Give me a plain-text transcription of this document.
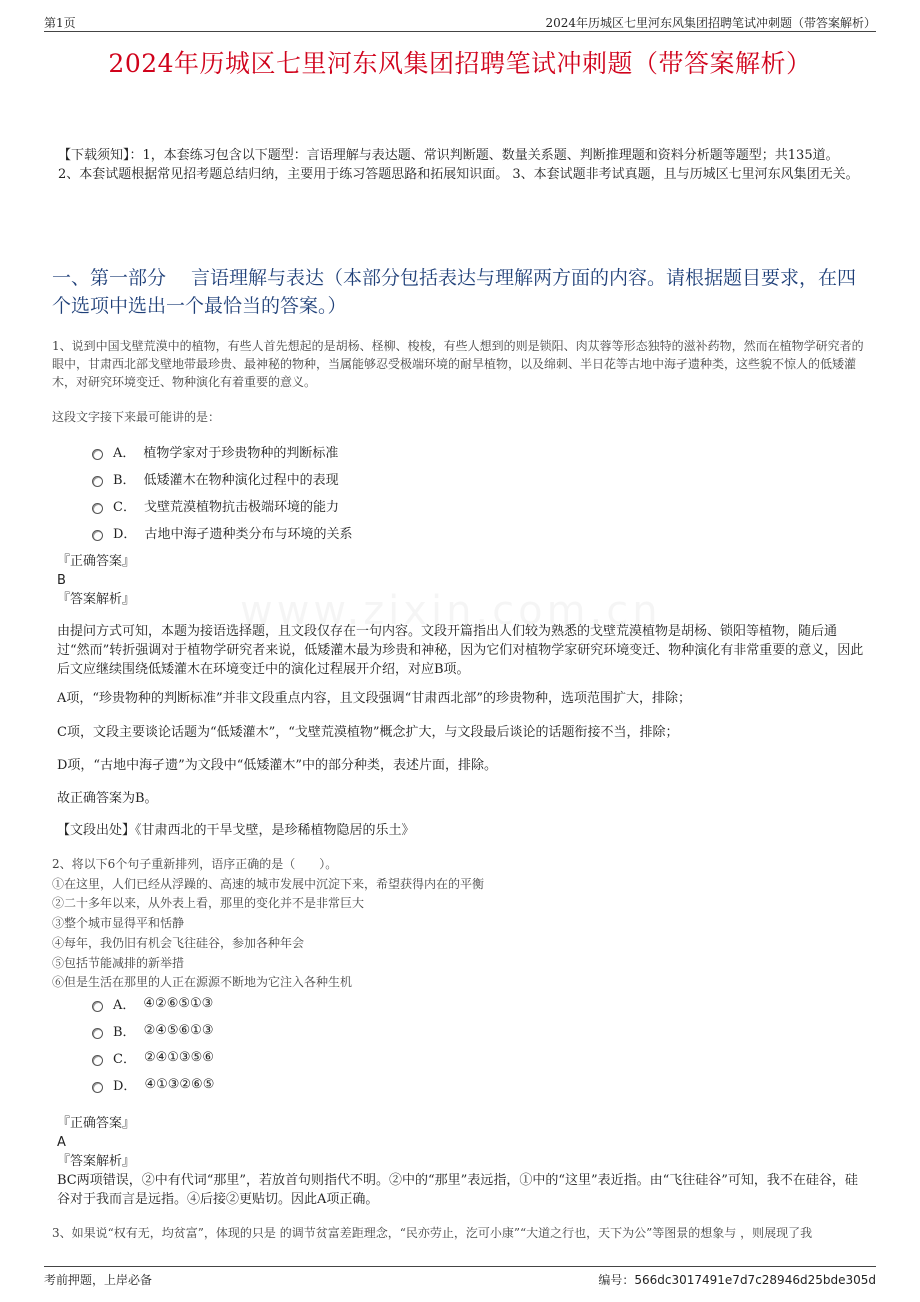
第1页	2024年历城区七里河东风集团招聘笔试冲刺题（带答案解析）
2024年历城区七里河东风集团招聘笔试冲刺题（带答案解析）
【下载须知】：1，本套练习包含以下题型：言语理解与表达题、常识判断题、数量关系题、判断推理题和资料分析题等题型；共135道。 2、本套试题根据常见招考题总结归纳，主要用于练习答题思路和拓展知识面。 3、本套试题非考试真题，且与历城区七里河东风集团无关。
一、第一部分　 言语理解与表达（本部分包括表达与理解两方面的内容。请根据题目要求，在四个选项中选出一个最恰当的答案。）
1、说到中国戈壁荒漠中的植物，有些人首先想起的是胡杨、柽柳、梭梭，有些人想到的则是锁阳、肉苁蓉等形态独特的滋补药物，然而在植物学研究者的眼中，甘肃西北部戈壁地带最珍贵、最神秘的物种，当属能够忍受极端环境的耐旱植物，以及绵刺、半日花等古地中海孑遗种类，这些貌不惊人的低矮灌木，对研究环境变迁、物种演化有着重要的意义。
这段文字接下来最可能讲的是：
A． 植物学家对于珍贵物种的判断标准
B． 低矮灌木在物种演化过程中的表现
C． 戈壁荒漠植物抗击极端环境的能力
D． 古地中海孑遗种类分布与环境的关系
『正确答案』
B
『答案解析』
由提问方式可知，本题为接语选择题，且文段仅存在一句内容。文段开篇指出人们较为熟悉的戈壁荒漠植物是胡杨、锁阳等植物，随后通过“然而”转折强调对于植物学研究者来说，低矮灌木最为珍贵和神秘，因为它们对植物学家研究环境变迁、物种演化有非常重要的意义，因此后文应继续围绕低矮灌木在环境变迁中的演化过程展开介绍，对应B项。
A项，“珍贵物种的判断标准”并非文段重点内容，且文段强调“甘肃西北部”的珍贵物种，选项范围扩大，排除；
C项，文段主要谈论话题为“低矮灌木”，“戈壁荒漠植物”概念扩大，与文段最后谈论的话题衔接不当，排除；
D项，“古地中海孑遗”为文段中“低矮灌木”中的部分种类，表述片面，排除。
故正确答案为B。
【文段出处】《甘肃西北的干旱戈壁，是珍稀植物隐居的乐土》
2、将以下6个句子重新排列，语序正确的是（　　）。
①在这里，人们已经从浮躁的、高速的城市发展中沉淀下来，希望获得内在的平衡
②二十多年以来，从外表上看，那里的变化并不是非常巨大
③整个城市显得平和恬静
④每年，我仍旧有机会飞往硅谷，参加各种年会
⑤包括节能减排的新举措
⑥但是生活在那里的人正在源源不断地为它注入各种生机
A． ④②⑥⑤①③
B． ②④⑤⑥①③
C． ②④①③⑤⑥
D． ④①③②⑥⑤
『正确答案』
A
『答案解析』
BC两项错误，②中有代词“那里”，若放首句则指代不明。②中的“那里”表远指，①中的“这里”表近指。由“飞往硅谷”可知，我不在硅谷，硅谷对于我而言是远指。④后接②更贴切。因此A项正确。
3、如果说“权有无，均贫富”，体现的只是 的调节贫富差距理念，“民亦劳止，汔可小康”“大道之行也，天下为公”等图景的想象与 ，则展现了我
考前押题，上岸必备	编号：566dc3017491e7d7c28946d25bde305d
